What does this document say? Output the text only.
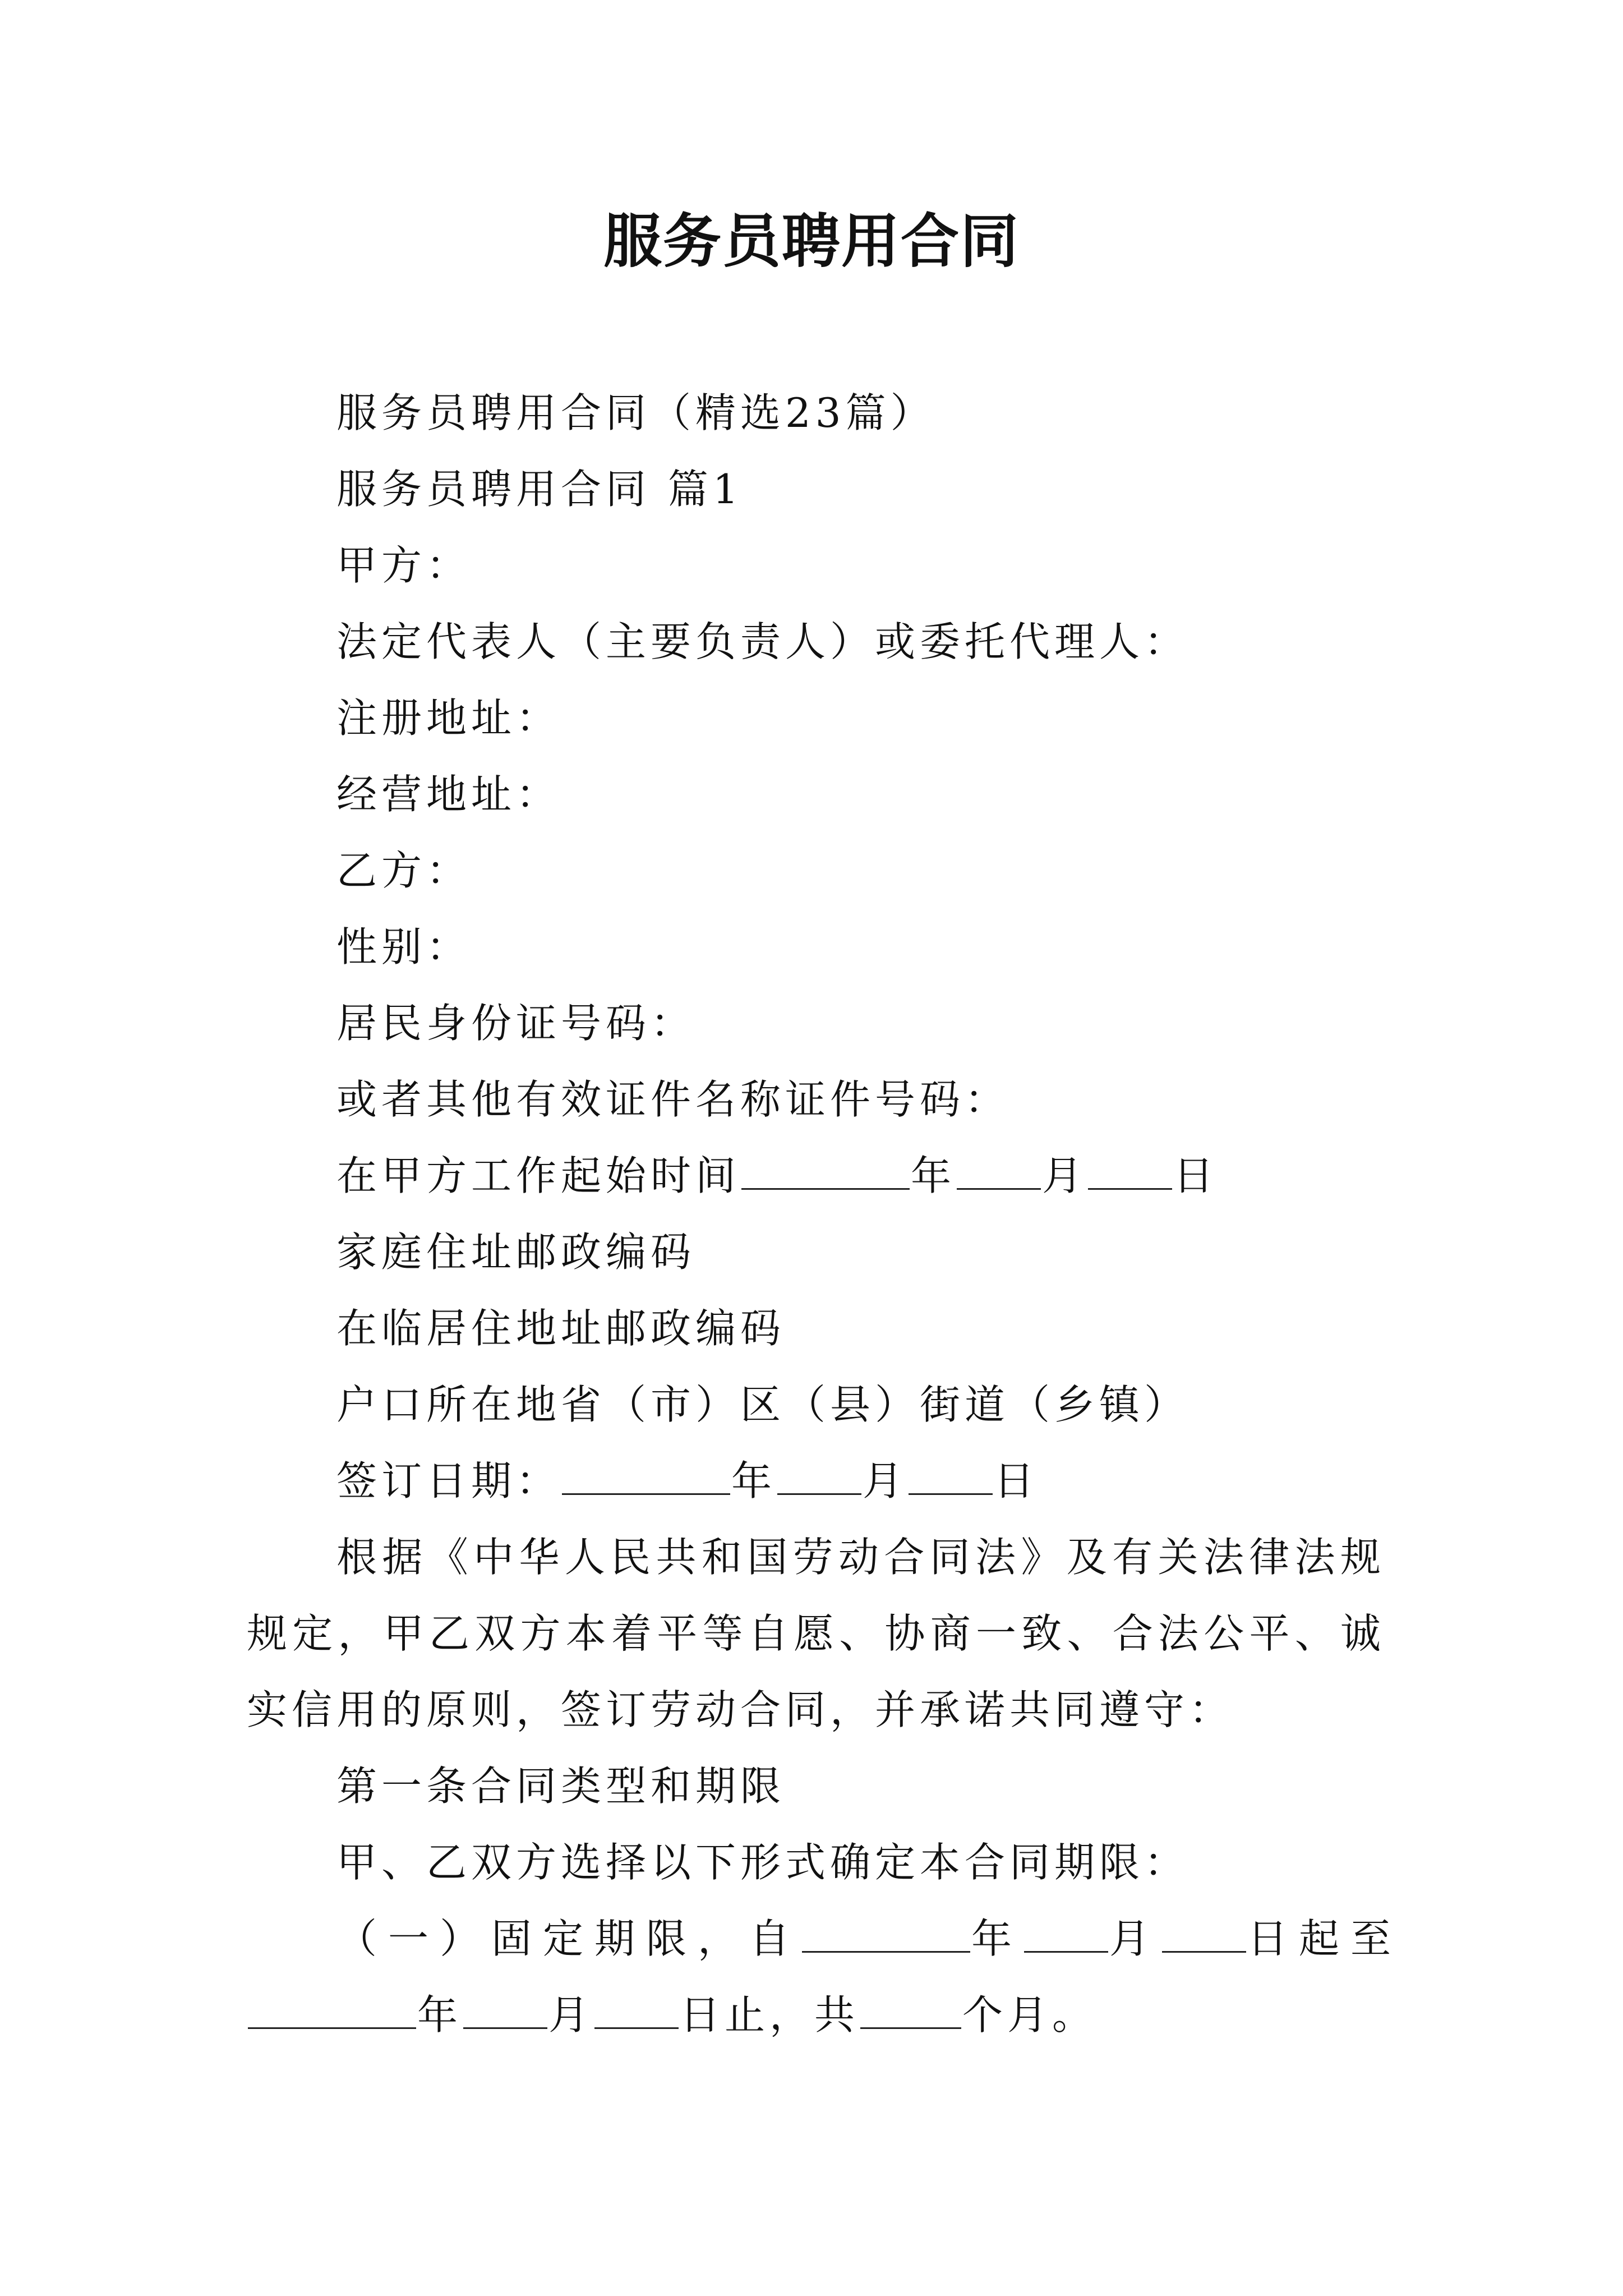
服务员聘用合同

服务员聘用合同（精选23篇）

服务员聘用合同 篇1

甲方：

法定代表人（主要负责人）或委托代理人：

注册地址：

经营地址：

乙方：

性别：

居民身份证号码：

或者其他有效证件名称证件号码：

在甲方工作起始时间	年 月 日

家庭住址邮政编码

在临居住地址邮政编码

户口所在地省（市）区（县）街道（乡镇）

签订日期：	年 月 日

根据《中华人民共和国劳动合同法》及有关法律法规规定，甲乙双方本着平等自愿、协商一致、合法公平、诚实信用的原则，签订劳动合同，并承诺共同遵守：

第一条合同类型和期限

甲、乙双方选择以下形式确定本合同期限：

（一）固定期限，自	年 月 日起至

年 月 日止，共	个月。
